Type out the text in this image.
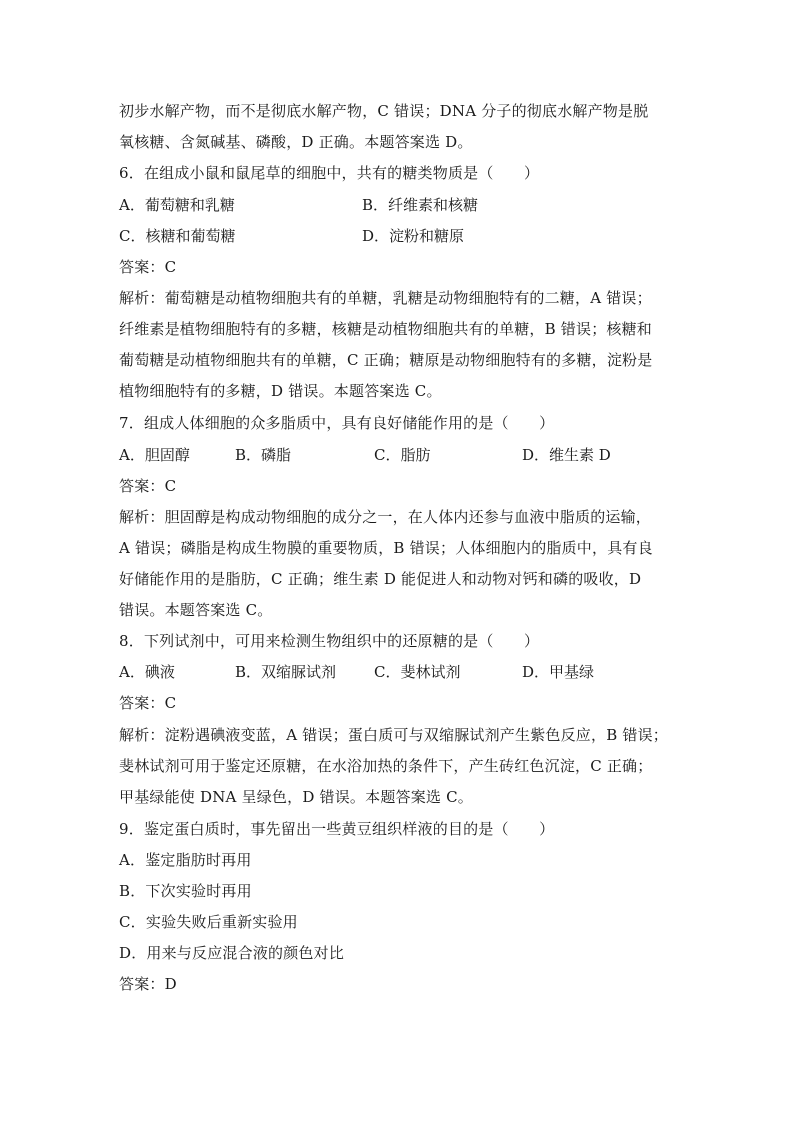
初步水解产物，而不是彻底水解产物，C 错误；DNA 分子的彻底水解产物是脱
氧核糖、含氮碱基、磷酸，D 正确。本题答案选 D。
6．在组成小鼠和鼠尾草的细胞中，共有的糖类物质是（　　）
A．葡萄糖和乳糖	B．纤维素和核糖
C．核糖和葡萄糖	D．淀粉和糖原
答案：C
解析：葡萄糖是动植物细胞共有的单糖，乳糖是动物细胞特有的二糖，A 错误；
纤维素是植物细胞特有的多糖，核糖是动植物细胞共有的单糖，B 错误；核糖和
葡萄糖是动植物细胞共有的单糖，C 正确；糖原是动物细胞特有的多糖，淀粉是
植物细胞特有的多糖，D 错误。本题答案选 C。
7．组成人体细胞的众多脂质中，具有良好储能作用的是（　　）
A．胆固醇	B．磷脂	C．脂肪	D．维生素 D
答案：C
解析：胆固醇是构成动物细胞的成分之一，在人体内还参与血液中脂质的运输，
A 错误；磷脂是构成生物膜的重要物质，B 错误；人体细胞内的脂质中，具有良
好储能作用的是脂肪，C 正确；维生素 D 能促进人和动物对钙和磷的吸收，D
错误。本题答案选 C。
8．下列试剂中，可用来检测生物组织中的还原糖的是（　　）
A．碘液	B．双缩脲试剂	C．斐林试剂	D．甲基绿
答案：C
解析：淀粉遇碘液变蓝，A 错误；蛋白质可与双缩脲试剂产生紫色反应，B 错误；
斐林试剂可用于鉴定还原糖，在水浴加热的条件下，产生砖红色沉淀，C 正确；
甲基绿能使 DNA 呈绿色，D 错误。本题答案选 C。
9．鉴定蛋白质时，事先留出一些黄豆组织样液的目的是（　　）
A．鉴定脂肪时再用
B．下次实验时再用
C．实验失败后重新实验用
D．用来与反应混合液的颜色对比
答案：D
